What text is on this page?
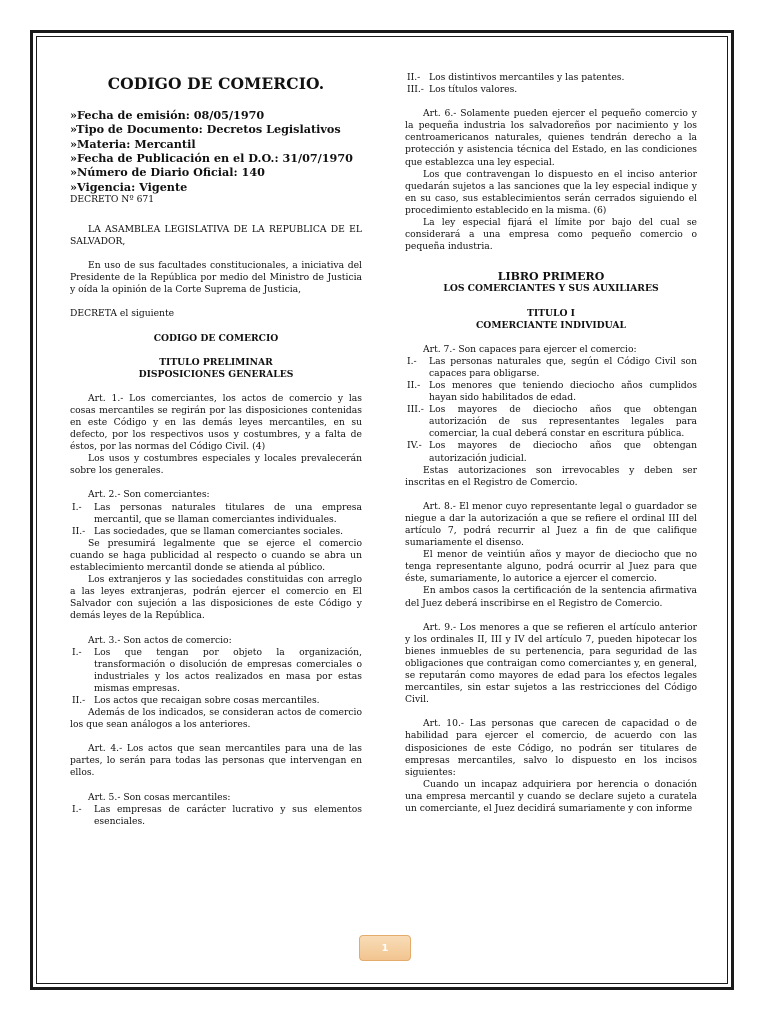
CODIGO DE COMERCIO.

»Fecha de emisión: 08/05/1970

»Tipo de Documento: Decretos Legislativos

»Materia: Mercantil

»Fecha de Publicación en el D.O.: 31/07/1970

»Número de Diario Oficial: 140

»Vigencia: Vigente

DECRETO Nº 671

LA ASAMBLEA LEGISLATIVA DE LA REPUBLICA DE EL SALVADOR,

En uso de sus facultades constitucionales, a iniciativa del Presidente de la República por medio del Ministro de Justicia y oída la opinión de la Corte Suprema de Justicia,

DECRETA el siguiente

CODIGO DE COMERCIO

TITULO PRELIMINAR

DISPOSICIONES GENERALES

Art. 1.- Los comerciantes, los actos de comercio y las cosas mercantiles se regirán por las disposiciones contenidas en este Código y en las demás leyes mercantiles, en su defecto, por los respectivos usos y costumbres, y a falta de éstos, por las normas del Código Civil. (4)

Los usos y costumbres especiales y locales prevalecerán sobre los generales.

Art. 2.- Son comerciantes:

I.-	Las personas naturales titulares de una empresa mercantil, que se llaman comerciantes individuales.
II.- Las sociedades, que se llaman comerciantes sociales.

Se presumirá legalmente que se ejerce el comercio cuando se haga publicidad al respecto o cuando se abra un establecimiento mercantil donde se atienda al público.

Los extranjeros y las sociedades constituidas con arreglo a las leyes extranjeras, podrán ejercer el comercio en El Salvador con sujeción a las disposiciones de este Código y demás leyes de la República.

Art. 3.- Son actos de comercio:

I.-	Los que tengan por objeto la organización, transformación o disolución de empresas comerciales o industriales y los actos realizados en masa por estas mismas empresas.
II.- Los actos que recaigan sobre cosas mercantiles.

Además de los indicados, se consideran actos de comercio los que sean análogos a los anteriores.

Art. 4.- Los actos que sean mercantiles para una de las partes, lo serán para todas las personas que intervengan en ellos.

Art. 5.- Son cosas mercantiles:

I.-	Las empresas de carácter lucrativo y sus elementos esenciales.
II.- Los distintivos mercantiles y las patentes.
III.- Los títulos valores.

Art. 6.- Solamente pueden ejercer el pequeño comercio y la pequeña industria los salvadoreños por nacimiento y los centroamericanos naturales, quienes tendrán derecho a la protección y asistencia técnica del Estado, en las condiciones que establezca una ley especial.

Los que contravengan lo dispuesto en el inciso anterior quedarán sujetos a las sanciones que la ley especial indique y en su caso, sus establecimientos serán cerrados siguiendo el procedimiento establecido en la misma. (6)

La ley especial fijará el límite por bajo del cual se considerará a una empresa como pequeño comercio o pequeña industria.

LIBRO PRIMERO

LOS COMERCIANTES Y SUS AUXILIARES

TITULO I

COMERCIANTE INDIVIDUAL

Art. 7.- Son capaces para ejercer el comercio:

I.-	Las personas naturales que, según el Código Civil son capaces para obligarse.
II.- Los menores que teniendo dieciocho años cumplidos hayan sido habilitados de edad.
III.- Los mayores de dieciocho años que obtengan autorización de sus representantes legales para comerciar, la cual deberá constar en escritura pública.
IV.- Los mayores de dieciocho años que obtengan autorización judicial.

Estas autorizaciones son irrevocables y deben ser inscritas en el Registro de Comercio.

Art. 8.- El menor cuyo representante legal o guardador se niegue a dar la autorización a que se refiere el ordinal III del artículo 7, podrá recurrir al Juez a fin de que califique sumariamente el disenso.

El menor de veintiún años y mayor de dieciocho que no tenga representante alguno, podrá ocurrir al Juez para que éste, sumariamente, lo autorice a ejercer el comercio.

En ambos casos la certificación de la sentencia afirmativa del Juez deberá inscribirse en el Registro de Comercio.

Art. 9.- Los menores a que se refieren el artículo anterior y los ordinales II, III y IV del artículo 7, pueden hipotecar los bienes inmuebles de su pertenencia, para seguridad de las obligaciones que contraigan como comerciantes y, en general, se reputarán como mayores de edad para los efectos legales mercantiles, sin estar sujetos a las restricciones del Código Civil.

Art. 10.- Las personas que carecen de capacidad o de habilidad para ejercer el comercio, de acuerdo con las disposiciones de este Código, no podrán ser titulares de empresas mercantiles, salvo lo dispuesto en los incisos siguientes:

Cuando un incapaz adquiriera por herencia o donación una empresa mercantil y cuando se declare sujeto a curatela un comerciante, el Juez decidirá sumariamente y con informe

1
